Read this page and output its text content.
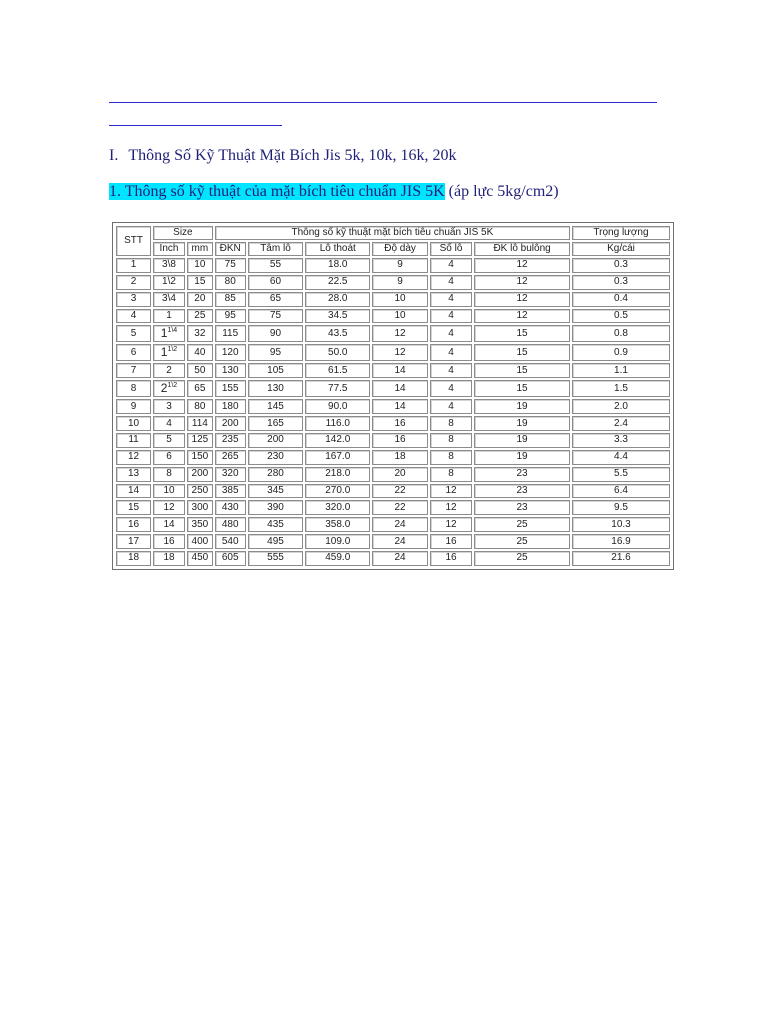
I. Thông Số Kỹ Thuật Mặt Bích Jis 5k, 10k, 16k, 20k
1. Thông số kỹ thuật của mặt bích tiêu chuẩn JIS 5K (áp lực 5kg/cm2)
STT	Size		Thông số kỹ thuật mặt bích tiêu chuẩn JIS 5K						Trọng lượng
	Inch	mm	ĐKN	Tâm lỗ	Lỗ thoát	Độ dày	Số lỗ	ĐK lỗ bulông	Kg/cái
1	3\8	10	75	55	18.0	9	4	12	0.3
2	1\2	15	80	60	22.5	9	4	12	0.3
3	3\4	20	85	65	28.0	10	4	12	0.4
4	1	25	95	75	34.5	10	4	12	0.5
5	$1^{1\backslash 4}$	32	115	90	43.5	12	4	15	0.8
6	$1^{1\backslash 2}$	40	120	95	50.0	12	4	15	0.9
7	2	50	130	105	61.5	14	4	15	1.1
8	$2^{1\backslash 2}$	65	155	130	77.5	14	4	15	1.5
9	3	80	180	145	90.0	14	4	19	2.0
10	4	114	200	165	116.0	16	8	19	2.4
11	5	125	235	200	142.0	16	8	19	3.3
12	6	150	265	230	167.0	18	8	19	4.4
13	8	200	320	280	218.0	20	8	23	5.5
14	10	250	385	345	270.0	22	12	23	6.4
15	12	300	430	390	320.0	22	12	23	9.5
16	14	350	480	435	358.0	24	12	25	10.3
17	16	400	540	495	109.0	24	16	25	16.9
18	18	450	605	555	459.0	24	16	25	21.6
